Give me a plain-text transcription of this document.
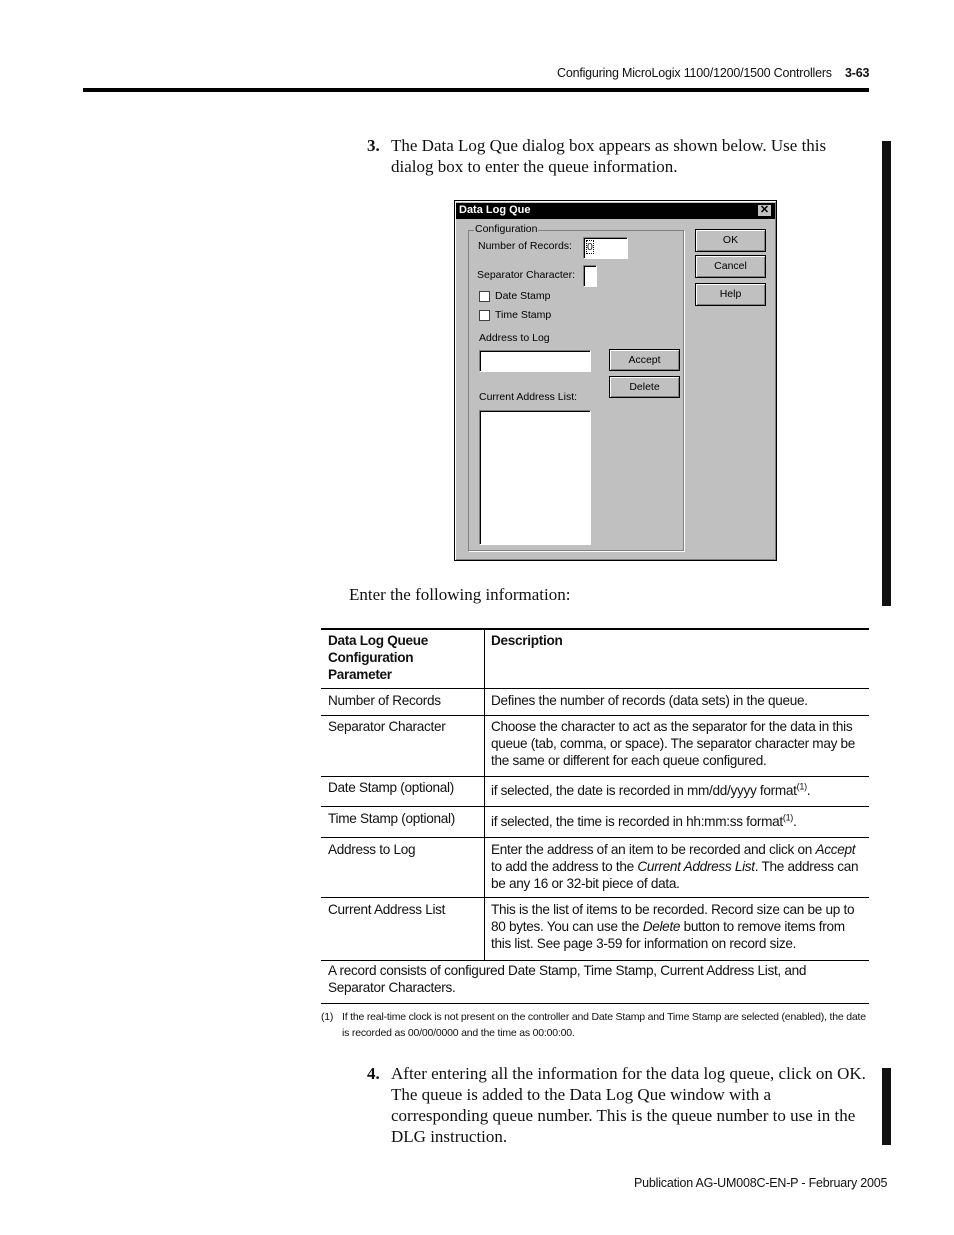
Configuring MicroLogix 1100/1200/1500 Controllers 3-63
3. The Data Log Que dialog box appears as shown below. Use this dialog box to enter the queue information.
Data Log Que	✕
Configuration
Number of Records:	0
Separator Character:
Date Stamp
Time Stamp
Address to Log
Accept
Delete
Current Address List:
OK
Cancel
Help
Enter the following information:
Data Log Queue Configuration Parameter
Description
Number of Records	Defines the number of records (data sets) in the queue.
Separator Character	Choose the character to act as the separator for the data in this queue (tab, comma, or space). The separator character may be the same or different for each queue configured.
Date Stamp (optional)	if selected, the date is recorded in mm/dd/yyyy format$^{(1)}$.
Time Stamp (optional)	if selected, the time is recorded in hh:mm:ss format$^{(1)}$.
Address to Log	Enter the address of an item to be recorded and click on Accept to add the address to the Current Address List. The address can be any 16 or 32-bit piece of data.
Current Address List	This is the list of items to be recorded. Record size can be up to 80 bytes. You can use the Delete button to remove items from this list. See page 3-59 for information on record size.
A record consists of configured Date Stamp, Time Stamp, Current Address List, and Separator Characters.
(1) If the real-time clock is not present on the controller and Date Stamp and Time Stamp are selected (enabled), the date is recorded as 00/00/0000 and the time as 00:00:00.
4. After entering all the information for the data log queue, click on OK. The queue is added to the Data Log Que window with a corresponding queue number. This is the queue number to use in the DLG instruction.
Publication AG-UM008C-EN-P - February 2005
